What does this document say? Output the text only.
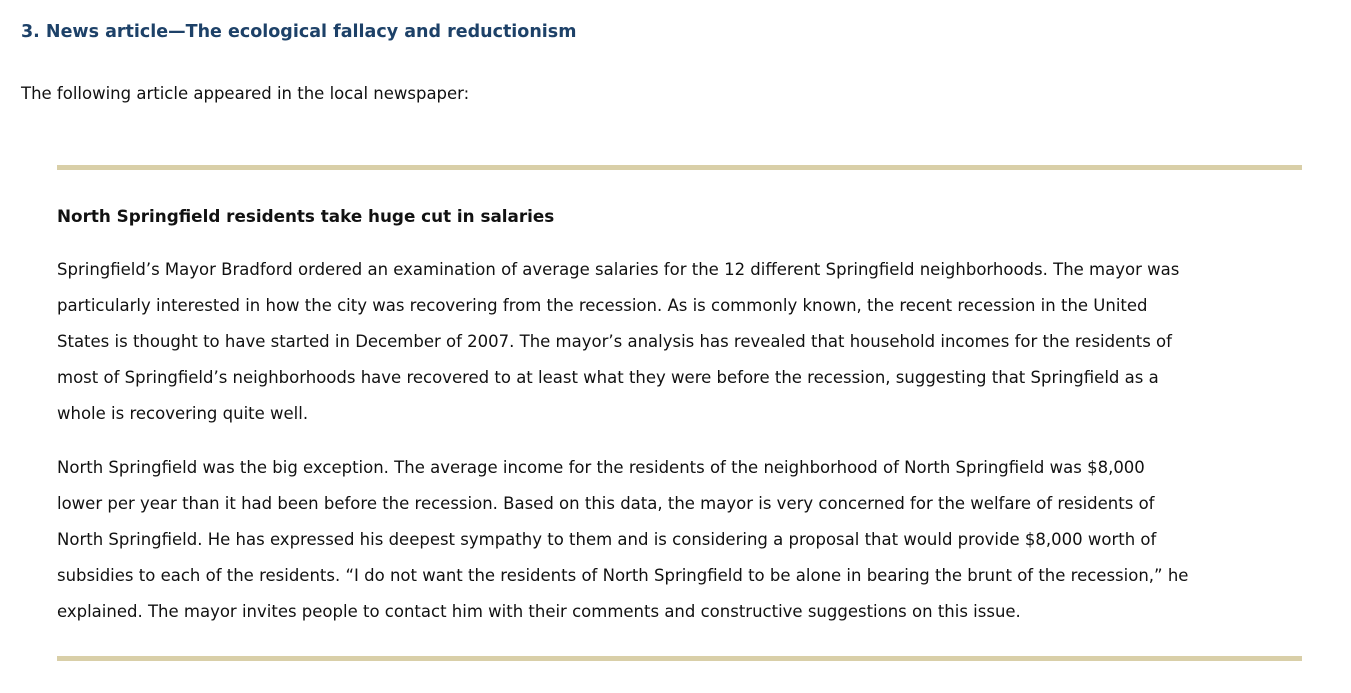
3. News article—The ecological fallacy and reductionism

The following article appeared in the local newspaper:

North Springfield residents take huge cut in salaries

Springfield’s Mayor Bradford ordered an examination of average salaries for the 12 different Springfield neighborhoods. The mayor was
particularly interested in how the city was recovering from the recession. As is commonly known, the recent recession in the United
States is thought to have started in December of 2007. The mayor’s analysis has revealed that household incomes for the residents of
most of Springfield’s neighborhoods have recovered to at least what they were before the recession, suggesting that Springfield as a
whole is recovering quite well.

North Springfield was the big exception. The average income for the residents of the neighborhood of North Springfield was $8,000
lower per year than it had been before the recession. Based on this data, the mayor is very concerned for the welfare of residents of
North Springfield. He has expressed his deepest sympathy to them and is considering a proposal that would provide $8,000 worth of
subsidies to each of the residents. “I do not want the residents of North Springfield to be alone in bearing the brunt of the recession,” he
explained. The mayor invites people to contact him with their comments and constructive suggestions on this issue.
